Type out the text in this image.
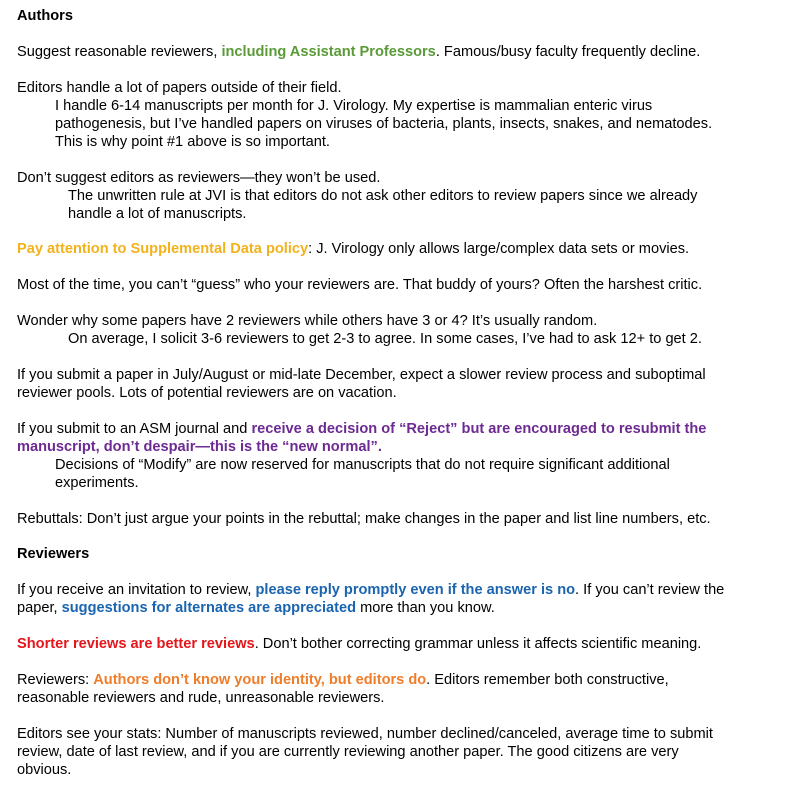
Authors
Suggest reasonable reviewers, including Assistant Professors. Famous/busy faculty frequently decline.
Editors handle a lot of papers outside of their field.
I handle 6-14 manuscripts per month for J. Virology. My expertise is mammalian enteric virus
pathogenesis, but I’ve handled papers on viruses of bacteria, plants, insects, snakes, and nematodes.
This is why point #1 above is so important.
Don’t suggest editors as reviewers—they won’t be used.
The unwritten rule at JVI is that editors do not ask other editors to review papers since we already
handle a lot of manuscripts.
Pay attention to Supplemental Data policy: J. Virology only allows large/complex data sets or movies.
Most of the time, you can’t “guess” who your reviewers are. That buddy of yours? Often the harshest critic.
Wonder why some papers have 2 reviewers while others have 3 or 4? It’s usually random.
On average, I solicit 3-6 reviewers to get 2-3 to agree. In some cases, I’ve had to ask 12+ to get 2.
If you submit a paper in July/August or mid-late December, expect a slower review process and suboptimal
reviewer pools. Lots of potential reviewers are on vacation.
If you submit to an ASM journal and receive a decision of “Reject” but are encouraged to resubmit the
manuscript, don’t despair—this is the “new normal”.
Decisions of “Modify” are now reserved for manuscripts that do not require significant additional
experiments.
Rebuttals: Don’t just argue your points in the rebuttal; make changes in the paper and list line numbers, etc.
Reviewers
If you receive an invitation to review, please reply promptly even if the answer is no. If you can’t review the
paper, suggestions for alternates are appreciated more than you know.
Shorter reviews are better reviews. Don’t bother correcting grammar unless it affects scientific meaning.
Reviewers: Authors don’t know your identity, but editors do. Editors remember both constructive,
reasonable reviewers and rude, unreasonable reviewers.
Editors see your stats: Number of manuscripts reviewed, number declined/canceled, average time to submit
review, date of last review, and if you are currently reviewing another paper. The good citizens are very
obvious.
